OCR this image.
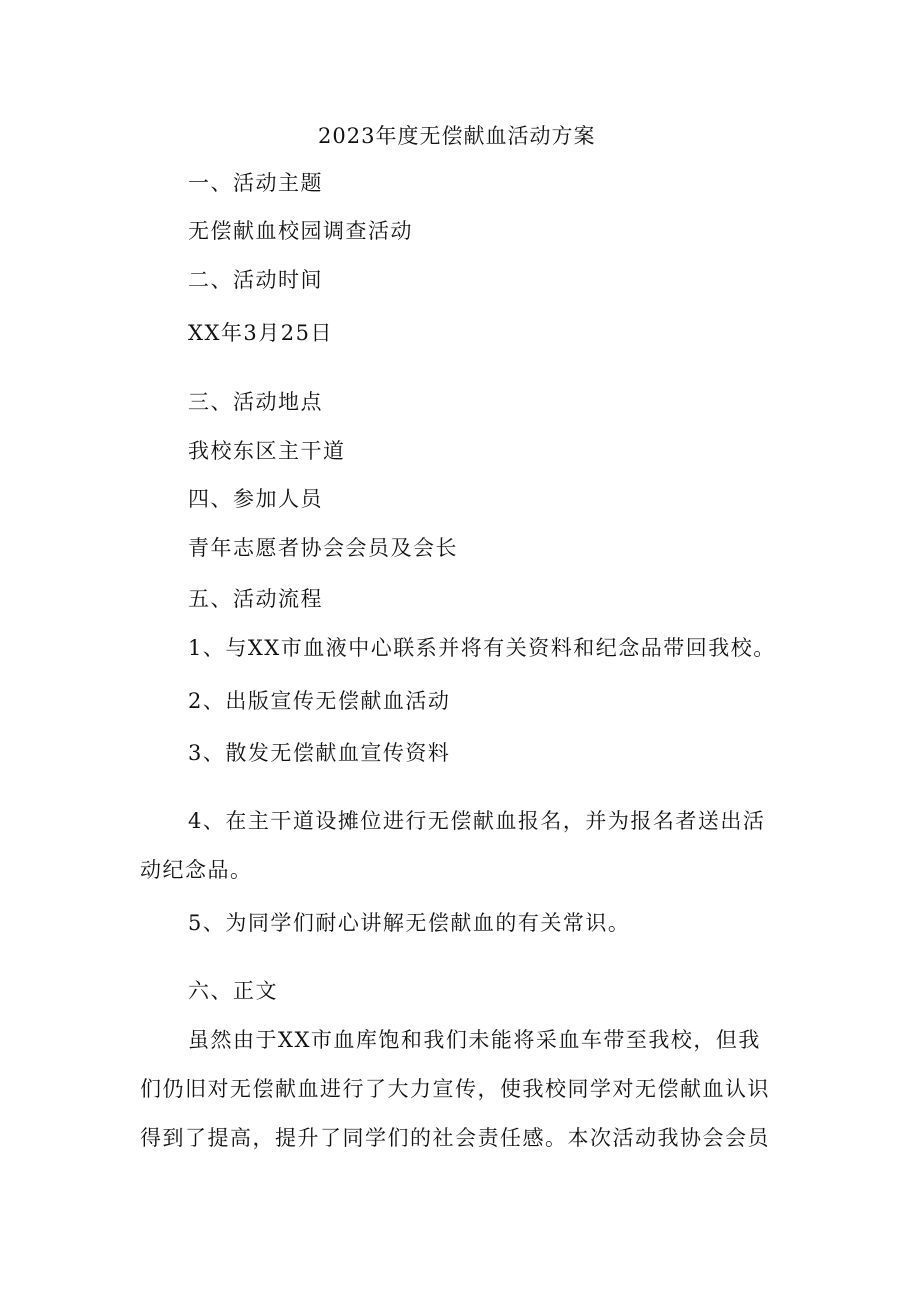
2023年度无偿献血活动方案

一、活动主题

无偿献血校园调查活动

二、活动时间

XX年3月25日

三、活动地点

我校东区主干道

四、参加人员

青年志愿者协会会员及会长

五、活动流程

1、与XX市血液中心联系并将有关资料和纪念品带回我校。

2、出版宣传无偿献血活动

3、散发无偿献血宣传资料

4、在主干道设摊位进行无偿献血报名，并为报名者送出活

动纪念品。

5、为同学们耐心讲解无偿献血的有关常识。

六、正文

虽然由于XX市血库饱和我们未能将采血车带至我校，但我

们仍旧对无偿献血进行了大力宣传，使我校同学对无偿献血认识

得到了提高，提升了同学们的社会责任感。本次活动我协会会员
